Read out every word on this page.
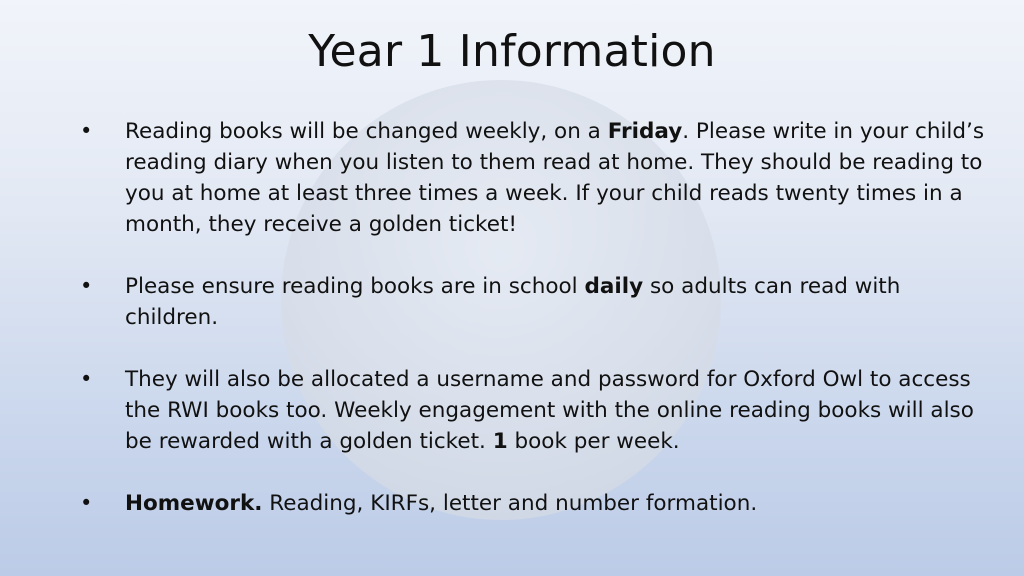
Year 1 Information
• Reading books will be changed weekly, on a Friday. Please write in your child’s reading diary when you listen to them read at home. They should be reading to you at home at least three times a week. If your child reads twenty times in a month, they receive a golden ticket!
• Please ensure reading books are in school daily so adults can read with children.
• They will also be allocated a username and password for Oxford Owl to access the RWI books too. Weekly engagement with the online reading books will also be rewarded with a golden ticket. 1 book per week.
• Homework. Reading, KIRFs, letter and number formation.
